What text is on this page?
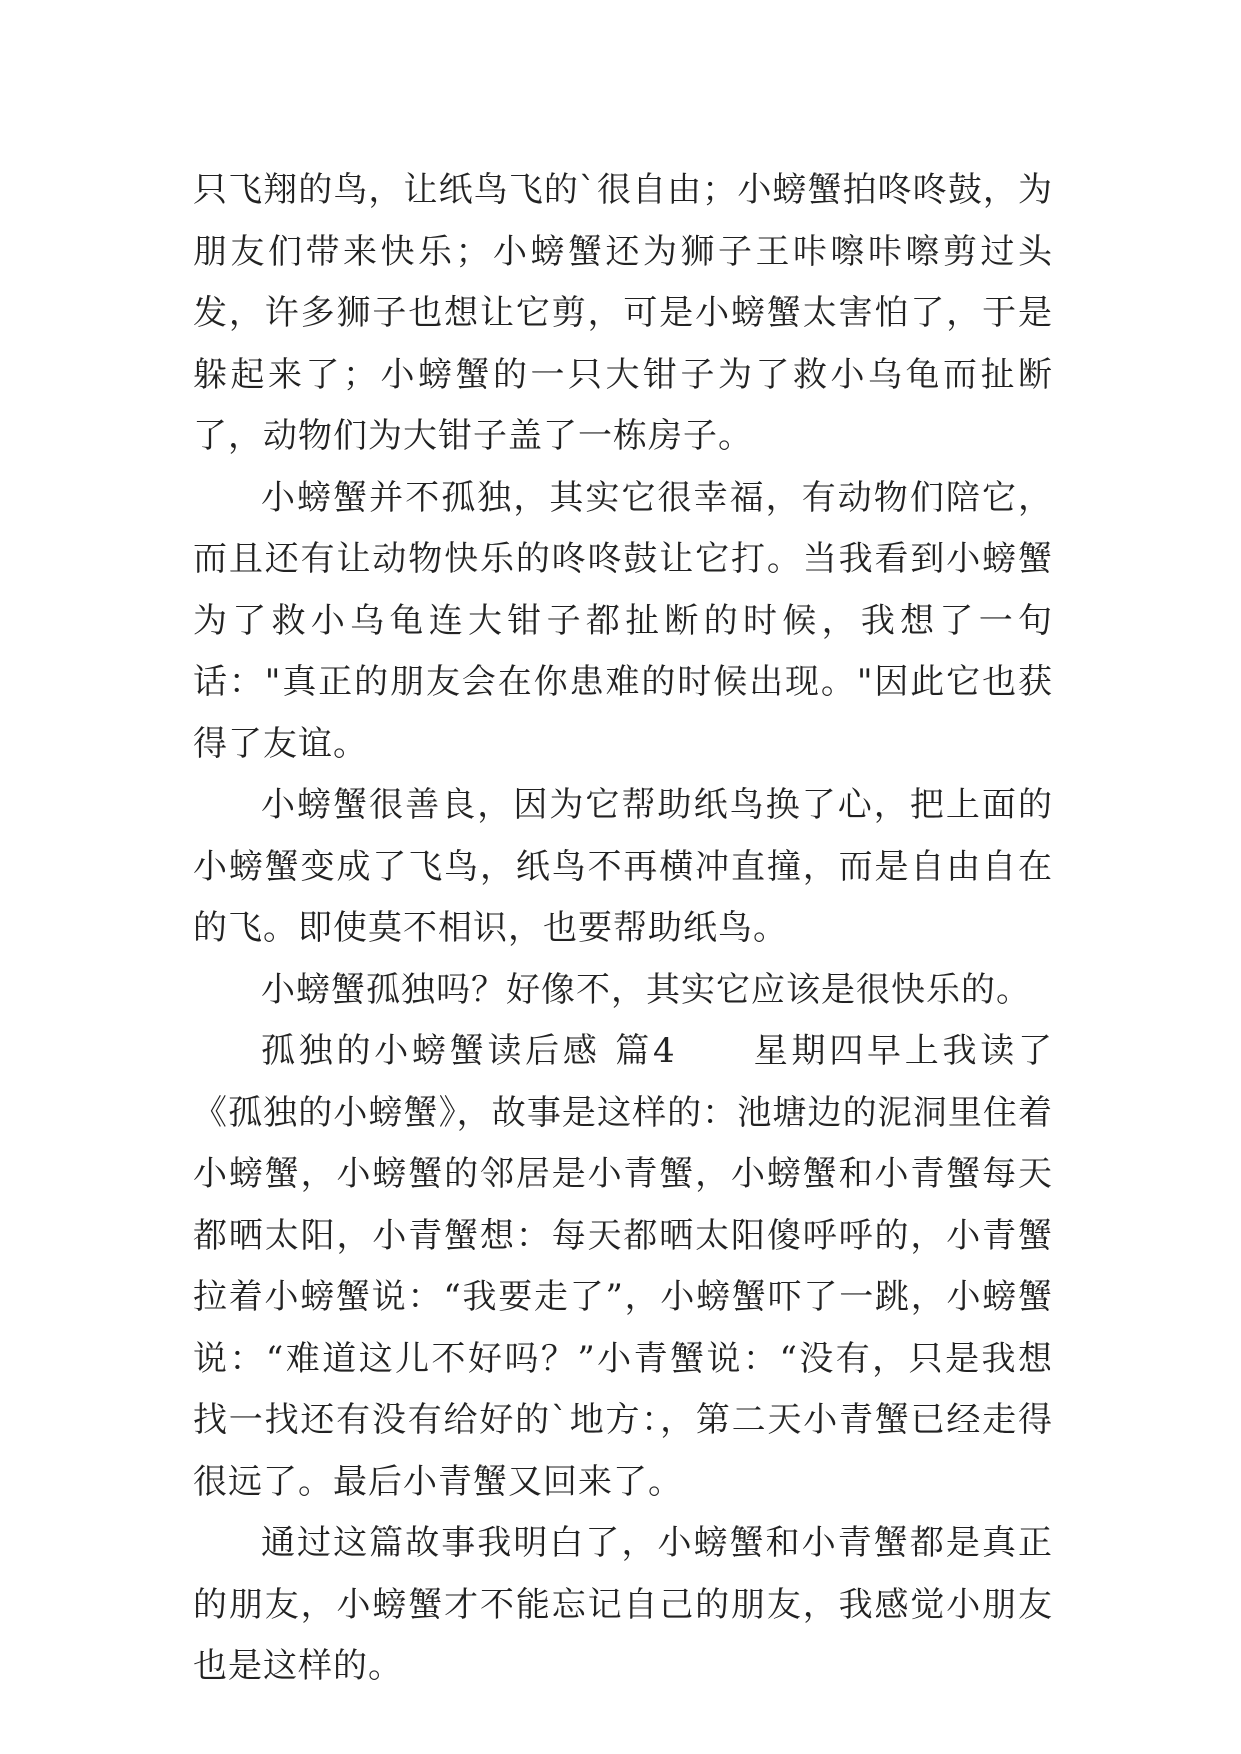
只飞翔的鸟，让纸鸟飞的`很自由；小螃蟹拍咚咚鼓，为朋友们带来快乐；小螃蟹还为狮子王咔嚓咔嚓剪过头发，许多狮子也想让它剪，可是小螃蟹太害怕了，于是躲起来了；小螃蟹的一只大钳子为了救小乌龟而扯断了，动物们为大钳子盖了一栋房子。

小螃蟹并不孤独，其实它很幸福，有动物们陪它，而且还有让动物快乐的咚咚鼓让它打。当我看到小螃蟹为了救小乌龟连大钳子都扯断的时候，我想了一句话："真正的朋友会在你患难的时候出现。"因此它也获得了友谊。

小螃蟹很善良，因为它帮助纸鸟换了心，把上面的小螃蟹变成了飞鸟，纸鸟不再横冲直撞，而是自由自在的飞。即使莫不相识，也要帮助纸鸟。

小螃蟹孤独吗？好像不，其实它应该是很快乐的。

孤独的小螃蟹读后感 篇4　　星期四早上我读了《孤独的小螃蟹》，故事是这样的：池塘边的泥洞里住着小螃蟹，小螃蟹的邻居是小青蟹，小螃蟹和小青蟹每天都晒太阳，小青蟹想：每天都晒太阳傻呼呼的，小青蟹拉着小螃蟹说：“我要走了”，小螃蟹吓了一跳，小螃蟹说：“难道这儿不好吗？”小青蟹说：“没有，只是我想找一找还有没有给好的`地方：，第二天小青蟹已经走得很远了。最后小青蟹又回来了。

通过这篇故事我明白了，小螃蟹和小青蟹都是真正的朋友，小螃蟹才不能忘记自己的朋友，我感觉小朋友也是这样的。
